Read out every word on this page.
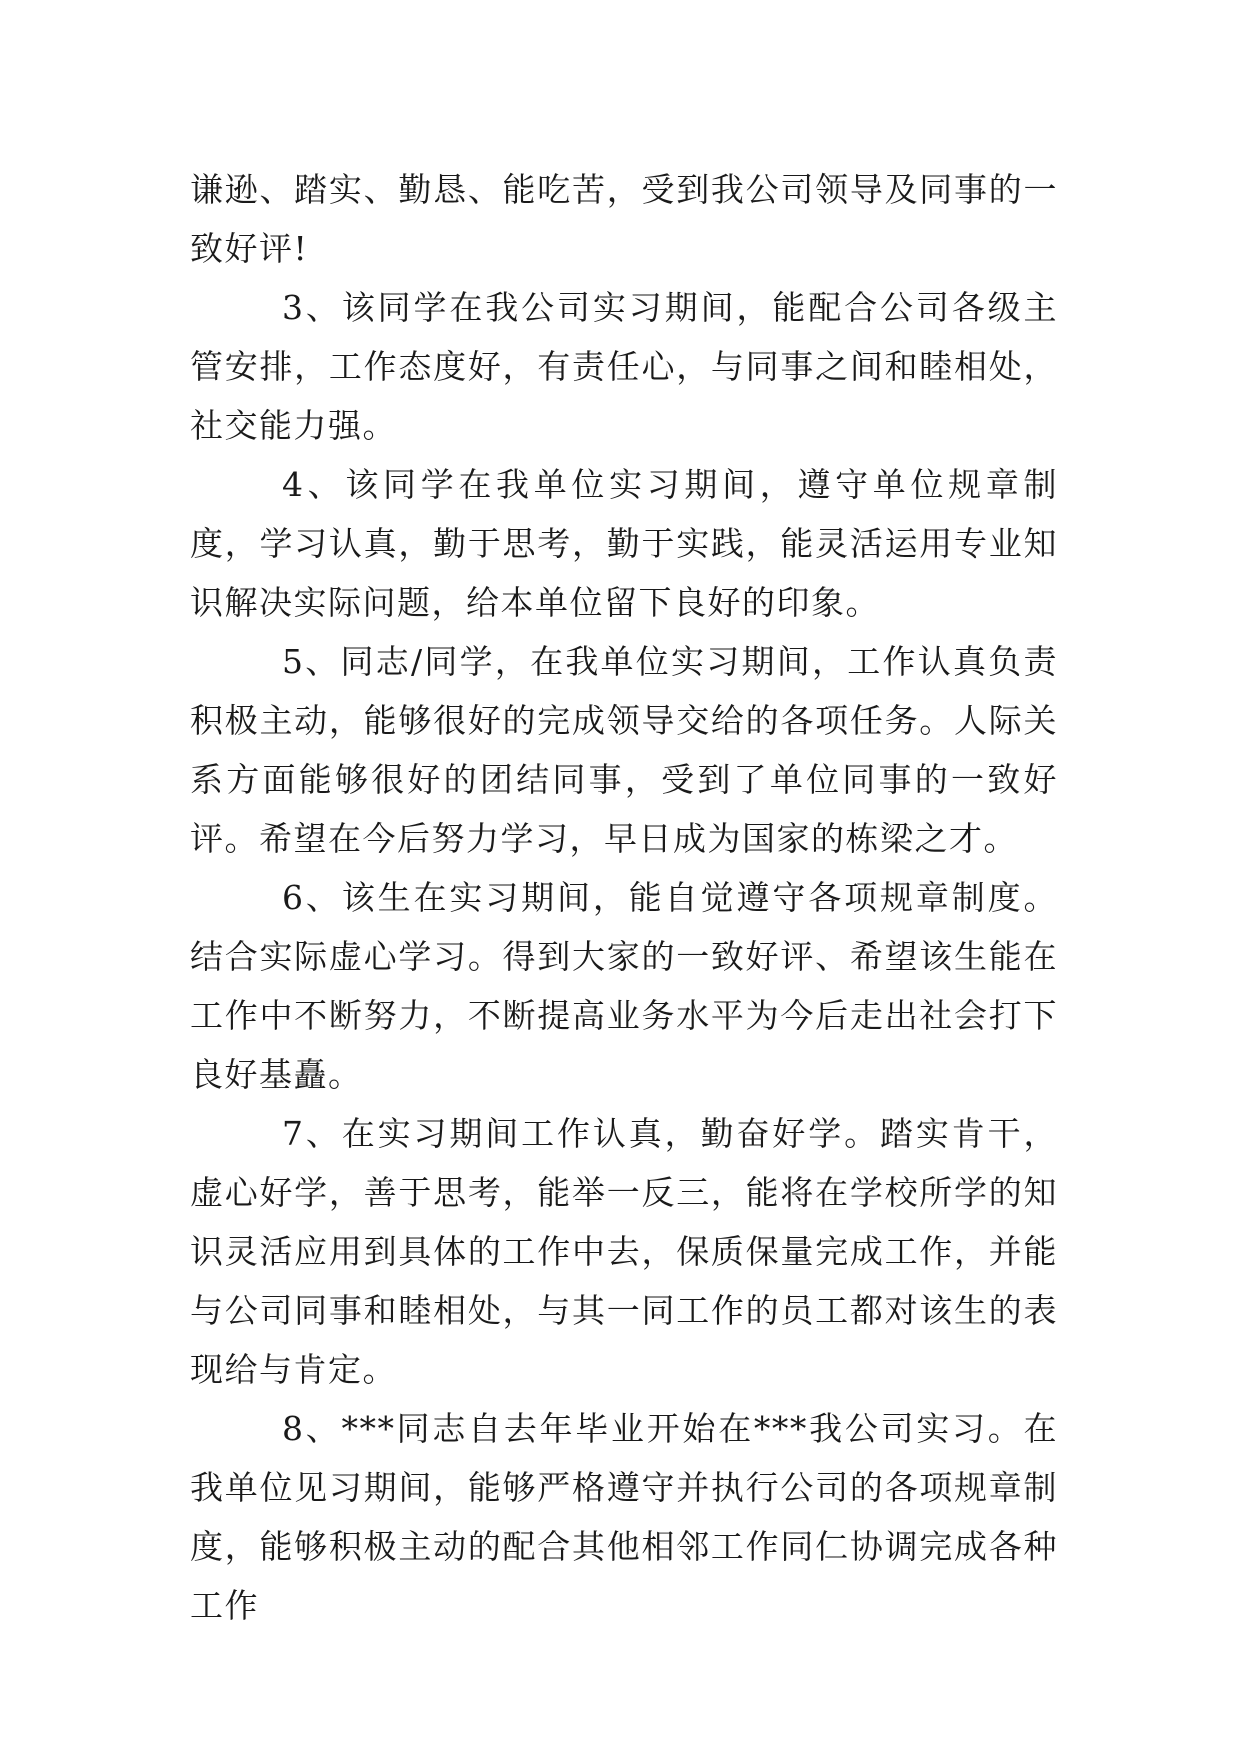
谦逊、踏实、勤恳、能吃苦，受到我公司领导及同事的一致好评!

3、该同学在我公司实习期间，能配合公司各级主管安排，工作态度好，有责任心，与同事之间和睦相处，社交能力强。

4、该同学在我单位实习期间，遵守单位规章制度，学习认真，勤于思考，勤于实践，能灵活运用专业知识解决实际问题，给本单位留下良好的印象。

5、同志/同学，在我单位实习期间，工作认真负责积极主动，能够很好的完成领导交给的各项任务。人际关系方面能够很好的团结同事，受到了单位同事的一致好评。希望在今后努力学习，早日成为国家的栋梁之才。

6、该生在实习期间，能自觉遵守各项规章制度。结合实际虚心学习。得到大家的一致好评、希望该生能在工作中不断努力，不断提高业务水平为今后走出社会打下良好基矗。

7、在实习期间工作认真，勤奋好学。踏实肯干，虚心好学，善于思考，能举一反三，能将在学校所学的知识灵活应用到具体的工作中去，保质保量完成工作，并能与公司同事和睦相处，与其一同工作的员工都对该生的表现给与肯定。

8、***同志自去年毕业开始在***我公司实习。在我单位见习期间，能够严格遵守并执行公司的各项规章制度，能够积极主动的配合其他相邻工作同仁协调完成各种工作
